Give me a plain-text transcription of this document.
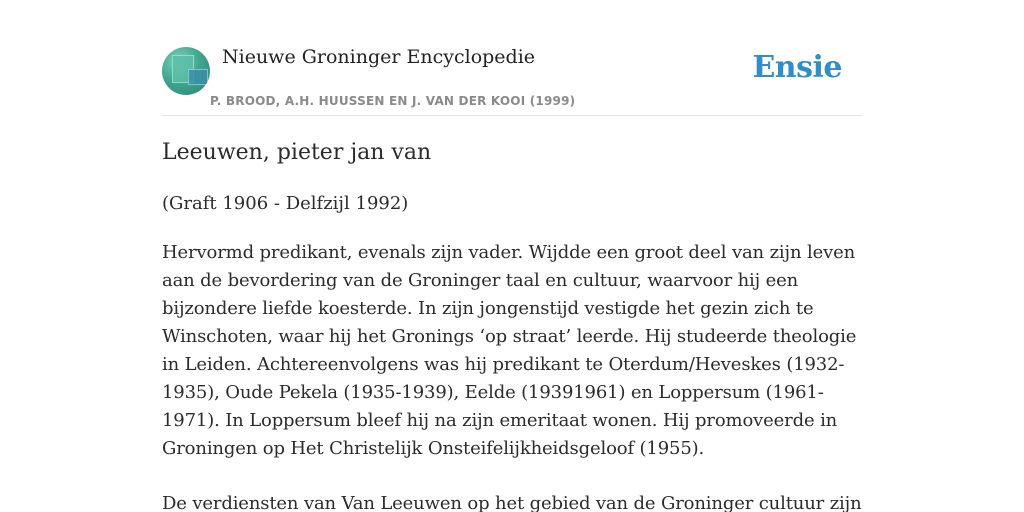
Nieuwe Groninger Encyclopedie
P. BROOD, A.H. HUUSSEN EN J. VAN DER KOOI (1999)
Ensie
Leeuwen, pieter jan van
(Graft 1906 - Delfzijl 1992)

Hervormd predikant, evenals zijn vader. Wijdde een groot deel van zijn leven aan de bevordering van de Groninger taal en cultuur, waarvoor hij een bijzondere liefde koesterde. In zijn jongenstijd vestigde het gezin zich te Winschoten, waar hij het Gronings ‘op straat’ leerde. Hij studeerde theologie in Leiden. Achtereenvolgens was hij predikant te Oterdum/Heveskes (1932-1935), Oude Pekela (1935-1939), Eelde (19391961) en Loppersum (1961-1971). In Loppersum bleef hij na zijn emeritaat wonen. Hij promoveerde in Groningen op Het Christelijk Onsteifelijkheidsgeloof (1955).

De verdiensten van Van Leeuwen op het gebied van de Groninger cultuur zijn
